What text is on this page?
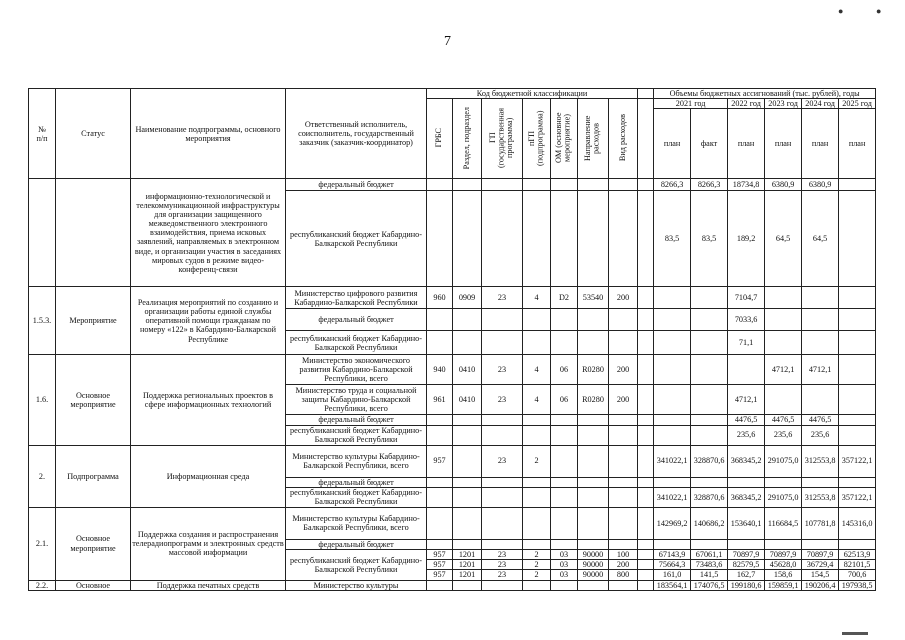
7
●	●
№
п/п	Статус	Наименование подпрограммы, основного мероприятия	Ответственный исполнитель, соисполнитель, государственный заказчик (заказчик-координатор)	Код бюджетной классификации								Объемы бюджетных ассигнований (тыс. рублей), годы					
				ГРБС	Раздел, подраздел	ГП (государственная программа)	пГП (подпрограмма)	ОМ (основное мероприятие)	Направление расходов	Вид расходов		2021 год		2022 год	2023 год	2024 год	2025 год
												план	факт	план	план	план	план
		информационно-технологической и телекоммуникационной инфраструктуры для организации защищенного межведомственного электронного взаимодействия, приема исковых заявлений, направляемых в электронном виде, и организации участия в заседаниях мировых судов в режиме видео-конференц-связи	федеральный бюджет									8266,3	8266,3	18734,8	6380,9	6380,9	
			республиканский бюджет Кабардино-Балкарской Республики									83,5	83,5	189,2	64,5	64,5	
1.5.3.	Мероприятие	Реализация мероприятий по созданию и организации работы единой службы оперативной помощи гражданам по номеру «122» в Кабардино-Балкарской Республике	Министерство цифрового развития Кабардино-Балкарской Республики	960	0909	23	4	D2	53540	200				7104,7			
			федеральный бюджет											7033,6			
			республиканский бюджет Кабардино-Балкарской Республики											71,1			
1.6.	Основное мероприятие	Поддержка региональных проектов в сфере информационных технологий	Министерство экономического развития Кабардино-Балкарской Республики, всего	940	0410	23	4	06	R0280	200					4712,1	4712,1	
			Министерство труда и социальной защиты Кабардино-Балкарской Республики, всего	961	0410	23	4	06	R0280	200				4712,1			
			федеральный бюджет											4476,5	4476,5	4476,5	
			республиканский бюджет Кабардино-Балкарской Республики											235,6	235,6	235,6	
2.	Подпрограмма	Информационная среда	Министерство культуры Кабардино-Балкарской Республики, всего	957		23	2					341022,1	328870,6	368345,2	291075,0	312553,8	357122,1
			федеральный бюджет														
			республиканский бюджет Кабардино-Балкарской Республики									341022,1	328870,6	368345,2	291075,0	312553,8	357122,1
2.1.	Основное мероприятие	Поддержка создания и распространения телерадиопрограмм и электронных средств массовой информации	Министерство культуры Кабардино-Балкарской Республики, всего									142969,2	140686,2	153640,1	116684,5	107781,8	145316,0
			федеральный бюджет														
			республиканский бюджет Кабардино-Балкарской Республики	957	1201	23	2	03	90000	100		67143,9	67061,1	70897,9	70897,9	70897,9	62513,9
				957	1201	23	2	03	90000	200		75664,3	73483,6	82579,5	45628,0	36729,4	82101,5
				957	1201	23	2	03	90000	800		161,0	141,5	162,7	158,6	154,5	700,6
2.2.	Основное	Поддержка печатных средств	Министерство культуры									183564,1	174076,5	199180,6	159859,1	190206,4	197938,5
